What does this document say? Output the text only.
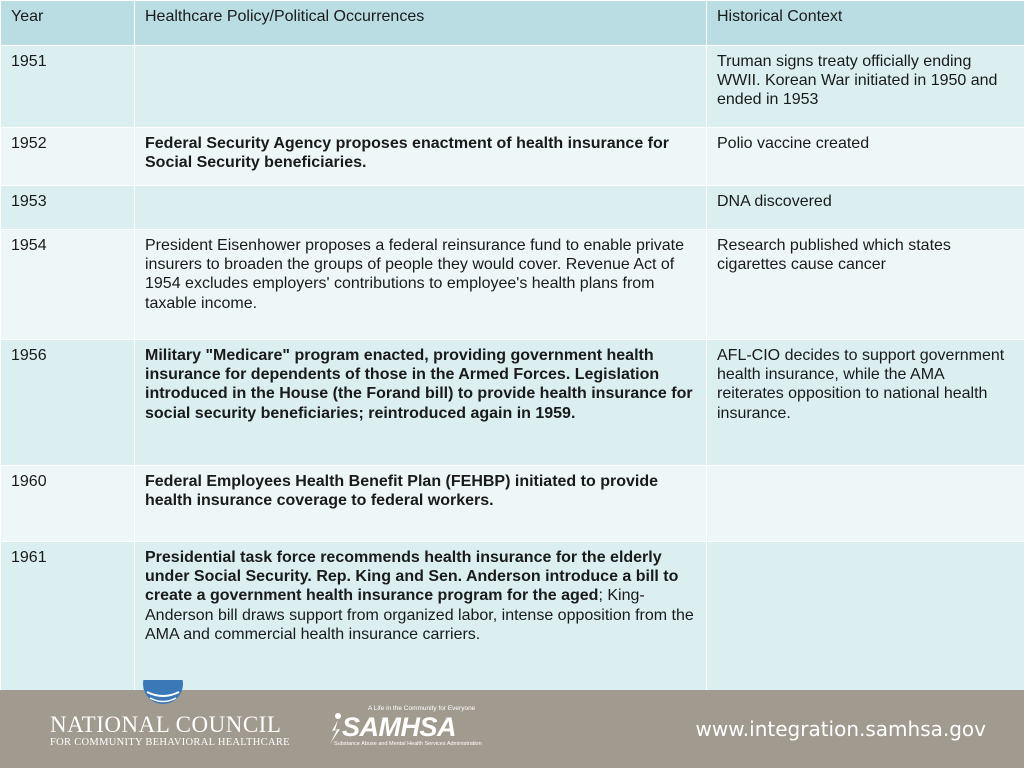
Year	Healthcare Policy/Political Occurrences	Historical Context
1951		Truman signs treaty officially ending WWII. Korean War initiated in 1950 and ended in 1953
1952	Federal Security Agency proposes enactment of health insurance for Social Security beneficiaries.	Polio vaccine created
1953		DNA discovered
1954	President Eisenhower proposes a federal reinsurance fund to enable private insurers to broaden the groups of people they would cover. Revenue Act of 1954 excludes employers' contributions to employee's health plans from taxable income.	Research published which states cigarettes cause cancer
1956	Military "Medicare" program enacted, providing government health insurance for dependents of those in the Armed Forces. Legislation introduced in the House (the Forand bill) to provide health insurance for social security beneficiaries; reintroduced again in 1959.	AFL-CIO decides to support government health insurance, while the AMA reiterates opposition to national health insurance.
1960	Federal Employees Health Benefit Plan (FEHBP) initiated to provide health insurance coverage to federal workers.	
1961	Presidential task force recommends health insurance for the elderly under Social Security. Rep. King and Sen. Anderson introduce a bill to create a government health insurance program for the aged; King-Anderson bill draws support from organized labor, intense opposition from the AMA and commercial health insurance carriers.	
NATIONAL COUNCIL
FOR COMMUNITY BEHAVIORAL HEALTHCARE
A Life in the Community for Everyone
SAMHSA
Substance Abuse and Mental Health Services Administration
www.integration.samhsa.gov
